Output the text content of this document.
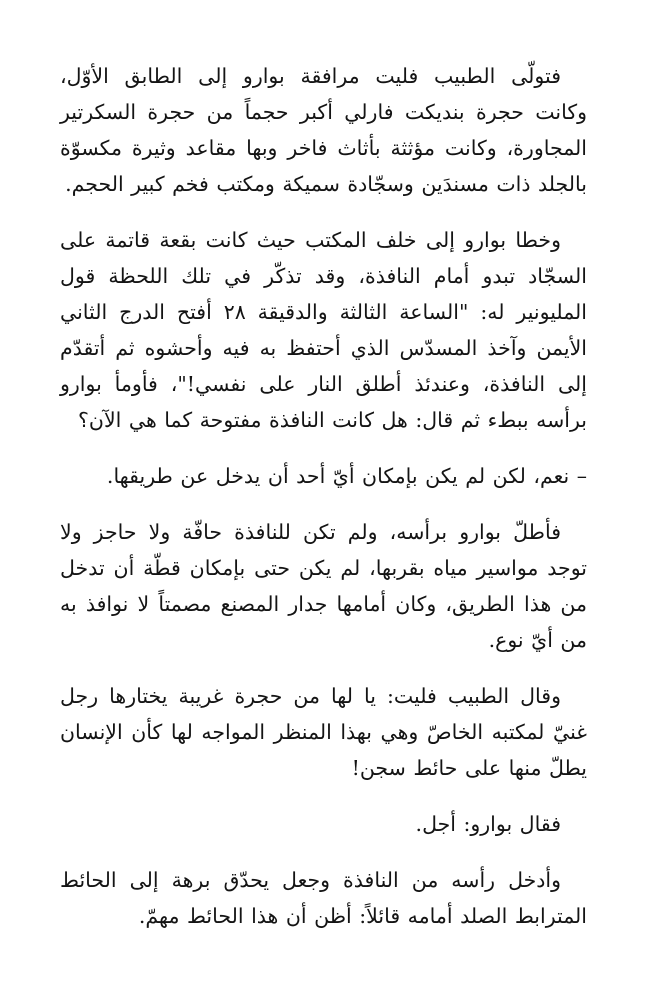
فتولّى الطبيب فليت مرافقة بوارو إلى الطابق الأوّل، وكانت حجرة بنديكت فارلي أكبر حجماً من حجرة السكرتير المجاورة، وكانت مؤثثة بأثاث فاخر وبها مقاعد وثيرة مكسوّة بالجلد ذات مسندَين وسجّادة سميكة ومكتب فخم كبير الحجم.

وخطا بوارو إلى خلف المكتب حيث كانت بقعة قاتمة على السجّاد تبدو أمام النافذة، وقد تذكّر في تلك اللحظة قول المليونير له: "الساعة الثالثة والدقيقة ٢٨ أفتح الدرج الثاني الأيمن وآخذ المسدّس الذي أحتفظ به فيه وأحشوه ثم أتقدّم إلى النافذة، وعندئذ أطلق النار على نفسي!"، فأومأ بوارو برأسه ببطء ثم قال: هل كانت النافذة مفتوحة كما هي الآن؟

– نعم، لكن لم يكن بإمكان أيّ أحد أن يدخل عن طريقها.

فأطلّ بوارو برأسه، ولم تكن للنافذة حافّة ولا حاجز ولا توجد مواسير مياه بقربها، لم يكن حتى بإمكان قطّة أن تدخل من هذا الطريق، وكان أمامها جدار المصنع مصمتاً لا نوافذ به من أيّ نوع.

وقال الطبيب فليت: يا لها من حجرة غريبة يختارها رجل غنيّ لمكتبه الخاصّ وهي بهذا المنظر المواجه لها كأن الإنسان يطلّ منها على حائط سجن!

فقال بوارو: أجل.

وأدخل رأسه من النافذة وجعل يحدّق برهة إلى الحائط المترابط الصلد أمامه قائلاً: أظن أن هذا الحائط مهمّ.
